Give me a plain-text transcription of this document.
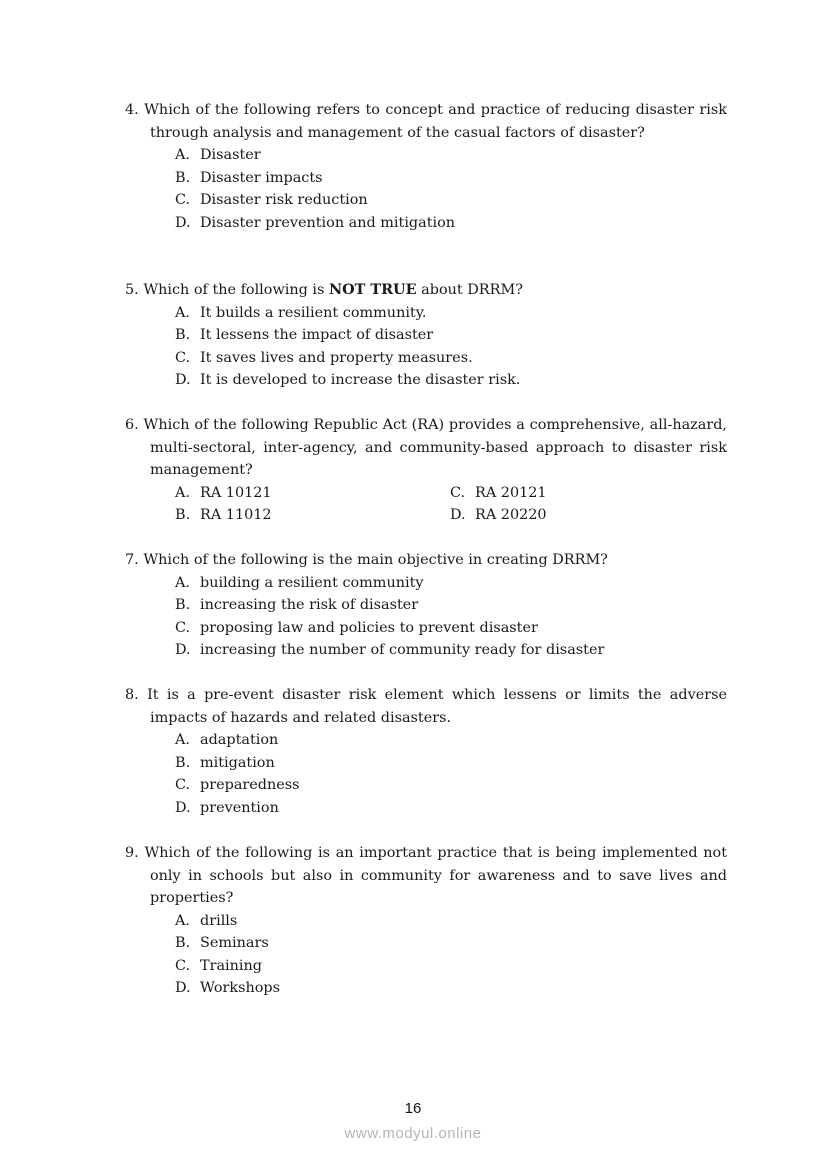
4. Which of the following refers to concept and practice of reducing disaster risk through analysis and management of the casual factors of disaster?

A. Disaster
B. Disaster impacts
C. Disaster risk reduction
D. Disaster prevention and mitigation

5. Which of the following is NOT TRUE about DRRM?

A. It builds a resilient community.
B. It lessens the impact of disaster
C. It saves lives and property measures.
D. It is developed to increase the disaster risk.

6. Which of the following Republic Act (RA) provides a comprehensive, all-hazard, multi-sectoral, inter-agency, and community-based approach to disaster risk management?

A. RA 10121	C. RA 20121
B. RA 11012	D. RA 20220

7. Which of the following is the main objective in creating DRRM?

A. building a resilient community
B. increasing the risk of disaster
C. proposing law and policies to prevent disaster
D. increasing the number of community ready for disaster

8. It is a pre-event disaster risk element which lessens or limits the adverse impacts of hazards and related disasters.

A. adaptation
B. mitigation
C. preparedness
D. prevention

9. Which of the following is an important practice that is being implemented not only in schools but also in community for awareness and to save lives and properties?

A. drills
B. Seminars
C. Training
D. Workshops
16
www.modyul.online
